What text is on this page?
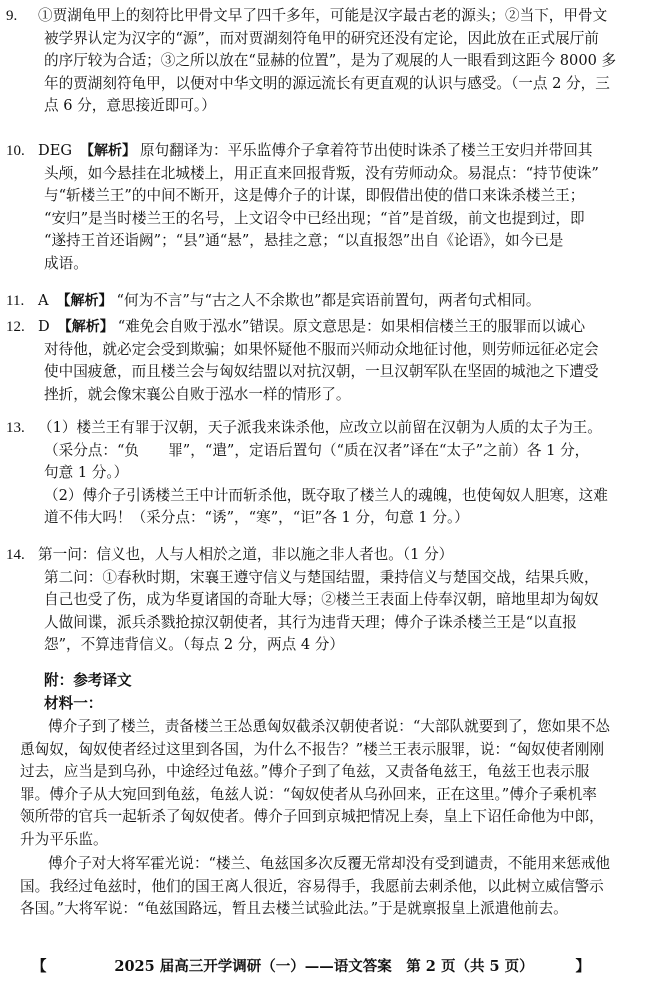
9. ①贾湖龟甲上的刻符比甲骨文早了四千多年，可能是汉字最古老的源头；②当下，甲骨文
被学界认定为汉字的“源”，而对贾湖刻符龟甲的研究还没有定论，因此放在正式展厅前
的序厅较为合适；③之所以放在“显赫的位置”，是为了观展的人一眼看到这距今 8000 多
年的贾湖刻符龟甲，以便对中华文明的源远流长有更直观的认识与感受。（一点 2 分，三
点 6 分，意思接近即可。）
10. DEG 【解析】 原句翻译为：平乐监傅介子拿着符节出使时诛杀了楼兰王安归并带回其
头颅，如今悬挂在北城楼上，用正直来回报背叛，没有劳师动众。易混点：“持节使诛”
与“斩楼兰王”的中间不断开，这是傅介子的计谋，即假借出使的借口来诛杀楼兰王；
“安归”是当时楼兰王的名号，上文诏令中已经出现；“首”是首级，前文也提到过，即
“遂持王首还诣阙”；“县”通“悬”，悬挂之意；“以直报怨”出自《论语》，如今已是
成语。
11. A 【解析】 “何为不言”与“古之人不余欺也”都是宾语前置句，两者句式相同。
12. D 【解析】 “难免会自败于泓水”错误。原文意思是：如果相信楼兰王的服罪而以诚心
对待他，就必定会受到欺骗；如果怀疑他不服而兴师动众地征讨他，则劳师远征必定会
使中国疲惫，而且楼兰会与匈奴结盟以对抗汉朝，一旦汉朝军队在坚固的城池之下遭受
挫折，就会像宋襄公自败于泓水一样的情形了。
13. （1）楼兰王有罪于汉朝，天子派我来诛杀他，应改立以前留在汉朝为人质的太子为王。
（采分点：“负　　罪”，“遣”，定语后置句（“质在汉者”译在“太子”之前）各 1 分，
句意 1 分。）
（2）傅介子引诱楼兰王中计而斩杀他，既夺取了楼兰人的魂魄，也使匈奴人胆寒，这难
道不伟大吗！（采分点：“诱”，“寒”，“讵”各 1 分，句意 1 分。）
14. 第一问：信义也，人与人相於之道，非以施之非人者也。（1 分）
第二问：①春秋时期，宋襄王遵守信义与楚国结盟，秉持信义与楚国交战，结果兵败，
自己也受了伤，成为华夏诸国的奇耻大辱；②楼兰王表面上侍奉汉朝，暗地里却为匈奴
人做间谍，派兵杀戮抢掠汉朝使者，其行为违背天理；傅介子诛杀楼兰王是“以直报
怨”，不算违背信义。（每点 2 分，两点 4 分）
附：参考译文
材料一：
傅介子到了楼兰，责备楼兰王怂恿匈奴截杀汉朝使者说：“大部队就要到了，您如果不怂
恿匈奴，匈奴使者经过这里到各国，为什么不报告？”楼兰王表示服罪，说：“匈奴使者刚刚
过去，应当是到乌孙，中途经过龟兹。”傅介子到了龟兹，又责备龟兹王，龟兹王也表示服
罪。傅介子从大宛回到龟兹，龟兹人说：“匈奴使者从乌孙回来，正在这里。”傅介子乘机率
领所带的官兵一起斩杀了匈奴使者。傅介子回到京城把情况上奏，皇上下诏任命他为中郎，
升为平乐监。
傅介子对大将军霍光说：“楼兰、龟兹国多次反覆无常却没有受到谴责，不能用来惩戒他
国。我经过龟兹时，他们的国王离人很近，容易得手，我愿前去刺杀他，以此树立威信警示
各国。”大将军说：“龟兹国路远，暂且去楼兰试验此法。”于是就禀报皇上派遣他前去。
【	2025 届高三开学调研（一）——语文答案　第 2 页（共 5 页）	】
